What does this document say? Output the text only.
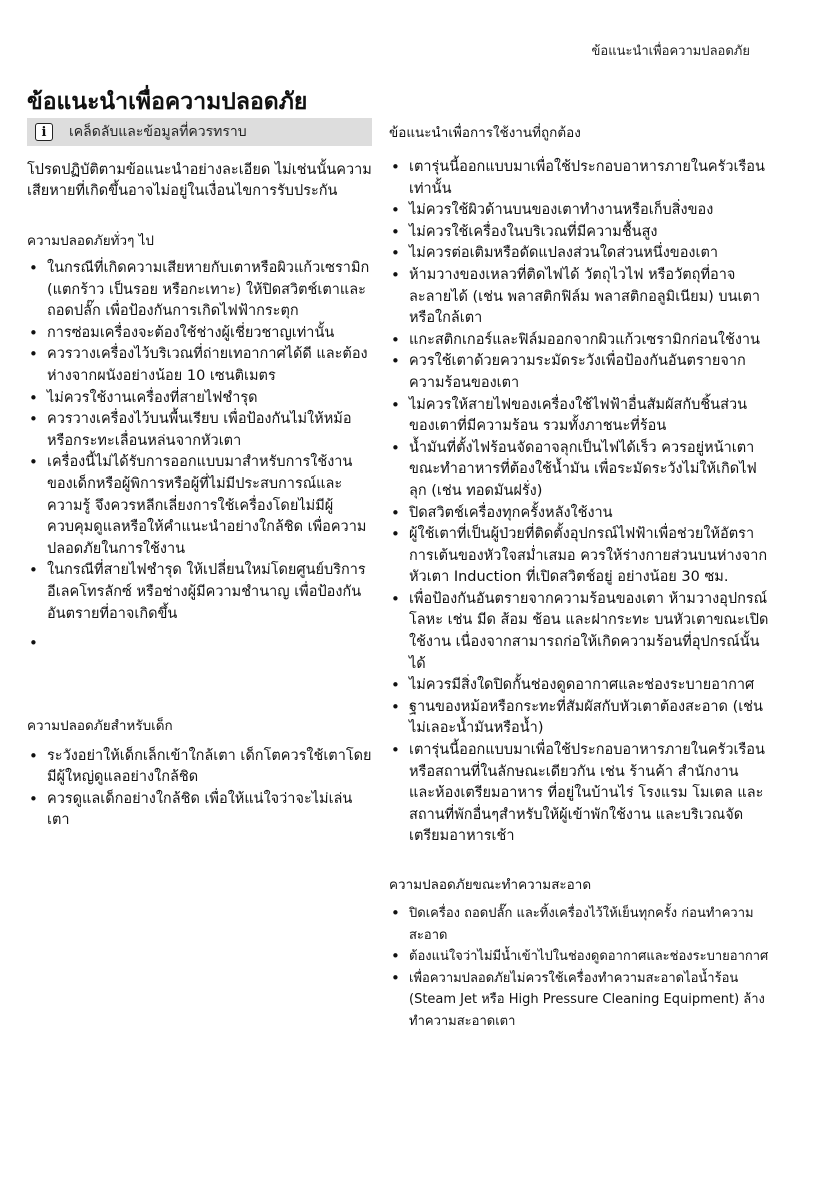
ข้อแนะนำเพื่อความปลอดภัย
ข้อแนะนำเพื่อความปลอดภัย
i	เคล็ดลับและข้อมูลที่ควรทราบ

โปรดปฏิบัติตามข้อแนะนำอย่างละเอียด ไม่เช่นนั้นความเสียหายที่เกิดขึ้นอาจไม่อยู่ในเงื่อนไขการรับประกัน

ความปลอดภัยทั่วๆ ไป
• ในกรณีที่เกิดความเสียหายกับเตาหรือผิวแก้วเซรามิก (แตกร้าว เป็นรอย หรือกะเทาะ) ให้ปิดสวิตช์เตาและถอดปลั๊ก เพื่อป้องกันการเกิดไฟฟ้ากระตุก
• การซ่อมเครื่องจะต้องใช้ช่างผู้เชี่ยวชาญเท่านั้น
• ควรวางเครื่องไว้บริเวณที่ถ่ายเทอากาศได้ดี และต้องห่างจากผนังอย่างน้อย 10 เซนติเมตร
• ไม่ควรใช้งานเครื่องที่สายไฟชำรุด
• ควรวางเครื่องไว้บนพื้นเรียบ เพื่อป้องกันไม่ให้หม้อหรือกระทะเลื่อนหล่นจากหัวเตา
• เครื่องนี้ไม่ได้รับการออกแบบมาสำหรับการใช้งานของเด็กหรือผู้พิการหรือผู้ที่ไม่มีประสบการณ์และความรู้ จึงควรหลีกเลี่ยงการใช้เครื่องโดยไม่มีผู้ควบคุมดูแลหรือให้คำแนะนำอย่างใกล้ชิด เพื่อความปลอดภัยในการใช้งาน
• ในกรณีที่สายไฟชำรุด ให้เปลี่ยนใหม่โดยศูนย์บริการอีเลคโทรลักซ์ หรือช่างผู้มีความชำนาญ เพื่อป้องกันอันตรายที่อาจเกิดขึ้น
•
ความปลอดภัยสำหรับเด็ก
• ระวังอย่าให้เด็กเล็กเข้าใกล้เตา เด็กโตควรใช้เตาโดยมีผู้ใหญ่ดูแลอย่างใกล้ชิด
• ควรดูแลเด็กอย่างใกล้ชิด เพื่อให้แน่ใจว่าจะไม่เล่นเตา
ข้อแนะนำเพื่อการใช้งานที่ถูกต้อง
• เตารุ่นนี้ออกแบบมาเพื่อใช้ประกอบอาหารภายในครัวเรือนเท่านั้น
• ไม่ควรใช้ผิวด้านบนของเตาทำงานหรือเก็บสิ่งของ
• ไม่ควรใช้เครื่องในบริเวณที่มีความชื้นสูง
• ไม่ควรต่อเติมหรือดัดแปลงส่วนใดส่วนหนึ่งของเตา
• ห้ามวางของเหลวที่ติดไฟได้ วัตถุไวไฟ หรือวัตถุที่อาจละลายได้ (เช่น พลาสติกฟิล์ม พลาสติกอลูมิเนียม) บนเตาหรือใกล้เตา
• แกะสติกเกอร์และฟิล์มออกจากผิวแก้วเซรามิกก่อนใช้งาน
• ควรใช้เตาด้วยความระมัดระวังเพื่อป้องกันอันตรายจากความร้อนของเตา
• ไม่ควรให้สายไฟของเครื่องใช้ไฟฟ้าอื่นสัมผัสกับชิ้นส่วนของเตาที่มีความร้อน รวมทั้งภาชนะที่ร้อน
• น้ำมันที่ตั้งไฟร้อนจัดอาจลุกเป็นไฟได้เร็ว ควรอยู่หน้าเตาขณะทำอาหารที่ต้องใช้น้ำมัน เพื่อระมัดระวังไม่ให้เกิดไฟลุก (เช่น ทอดมันฝรั่ง)
• ปิดสวิตช์เครื่องทุกครั้งหลังใช้งาน
• ผู้ใช้เตาที่เป็นผู้ป่วยที่ติดตั้งอุปกรณ์ไฟฟ้าเพื่อช่วยให้อัตราการเต้นของหัวใจสม่ำเสมอ ควรให้ร่างกายส่วนบนห่างจากหัวเตา Induction ที่เปิดสวิตช์อยู่ อย่างน้อย 30 ซม.
• เพื่อป้องกันอันตรายจากความร้อนของเตา ห้ามวางอุปกรณ์โลหะ เช่น มีด ส้อม ช้อน และฝากระทะ บนหัวเตาขณะเปิดใช้งาน เนื่องจากสามารถก่อให้เกิดความร้อนที่อุปกรณ์นั้นได้
• ไม่ควรมีสิ่งใดปิดกั้นช่องดูดอากาศและช่องระบายอากาศ
• ฐานของหม้อหรือกระทะที่สัมผัสกับหัวเตาต้องสะอาด (เช่นไม่เลอะน้ำมันหรือน้ำ)
• เตารุ่นนี้ออกแบบมาเพื่อใช้ประกอบอาหารภายในครัวเรือนหรือสถานที่ในลักษณะเดียวกัน เช่น ร้านค้า สำนักงาน และห้องเตรียมอาหาร ที่อยู่ในบ้านไร่ โรงแรม โมเตล และสถานที่พักอื่นๆสำหรับให้ผู้เข้าพักใช้งาน และบริเวณจัดเตรียมอาหารเช้า
ความปลอดภัยขณะทำความสะอาด
• ปิดเครื่อง ถอดปลั๊ก และทิ้งเครื่องไว้ให้เย็นทุกครั้ง ก่อนทำความสะอาด
• ต้องแน่ใจว่าไม่มีน้ำเข้าไปในช่องดูดอากาศและช่องระบายอากาศ
• เพื่อความปลอดภัยไม่ควรใช้เครื่องทำความสะอาดไอน้ำร้อน (Steam Jet หรือ High Pressure Cleaning Equipment) ล้างทำความสะอาดเตา
